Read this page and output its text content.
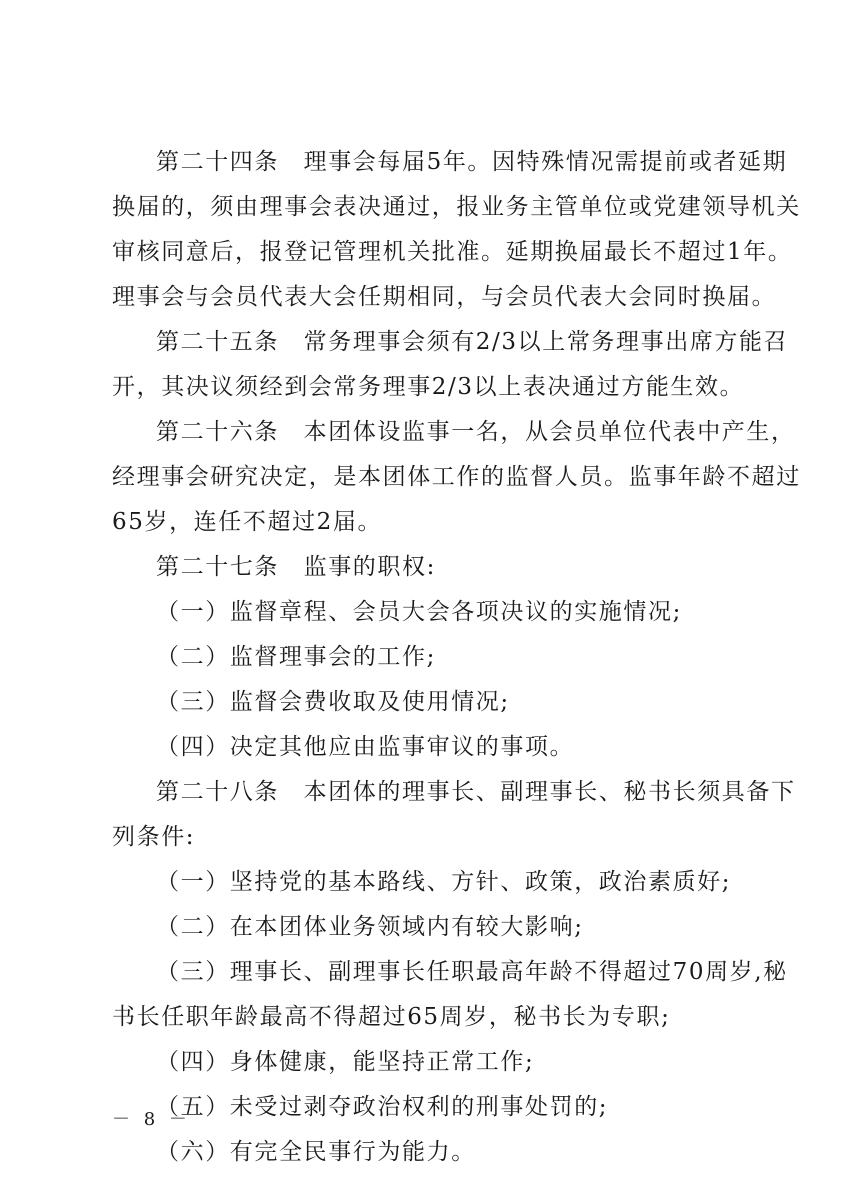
第二十四条　理事会每届5年。因特殊情况需提前或者延期
换届的，须由理事会表决通过，报业务主管单位或党建领导机关
审核同意后，报登记管理机关批准。延期换届最长不超过1年。
理事会与会员代表大会任期相同，与会员代表大会同时换届。
第二十五条　常务理事会须有2/3以上常务理事出席方能召
开，其决议须经到会常务理事2/3以上表决通过方能生效。
第二十六条　本团体设监事一名，从会员单位代表中产生，
经理事会研究决定，是本团体工作的监督人员。监事年龄不超过
65岁，连任不超过2届。
第二十七条　监事的职权:
（一）监督章程、会员大会各项决议的实施情况;
（二）监督理事会的工作;
（三）监督会费收取及使用情况;
（四）决定其他应由监事审议的事项。
第二十八条　本团体的理事长、副理事长、秘书长须具备下
列条件:
（一）坚持党的基本路线、方针、政策，政治素质好;
（二）在本团体业务领域内有较大影响;
（三）理事长、副理事长任职最高年龄不得超过70周岁,秘
书长任职年龄最高不得超过65周岁，秘书长为专职;
（四）身体健康，能坚持正常工作;
（五）未受过剥夺政治权利的刑事处罚的;
（六）有完全民事行为能力。
－ 8 －
